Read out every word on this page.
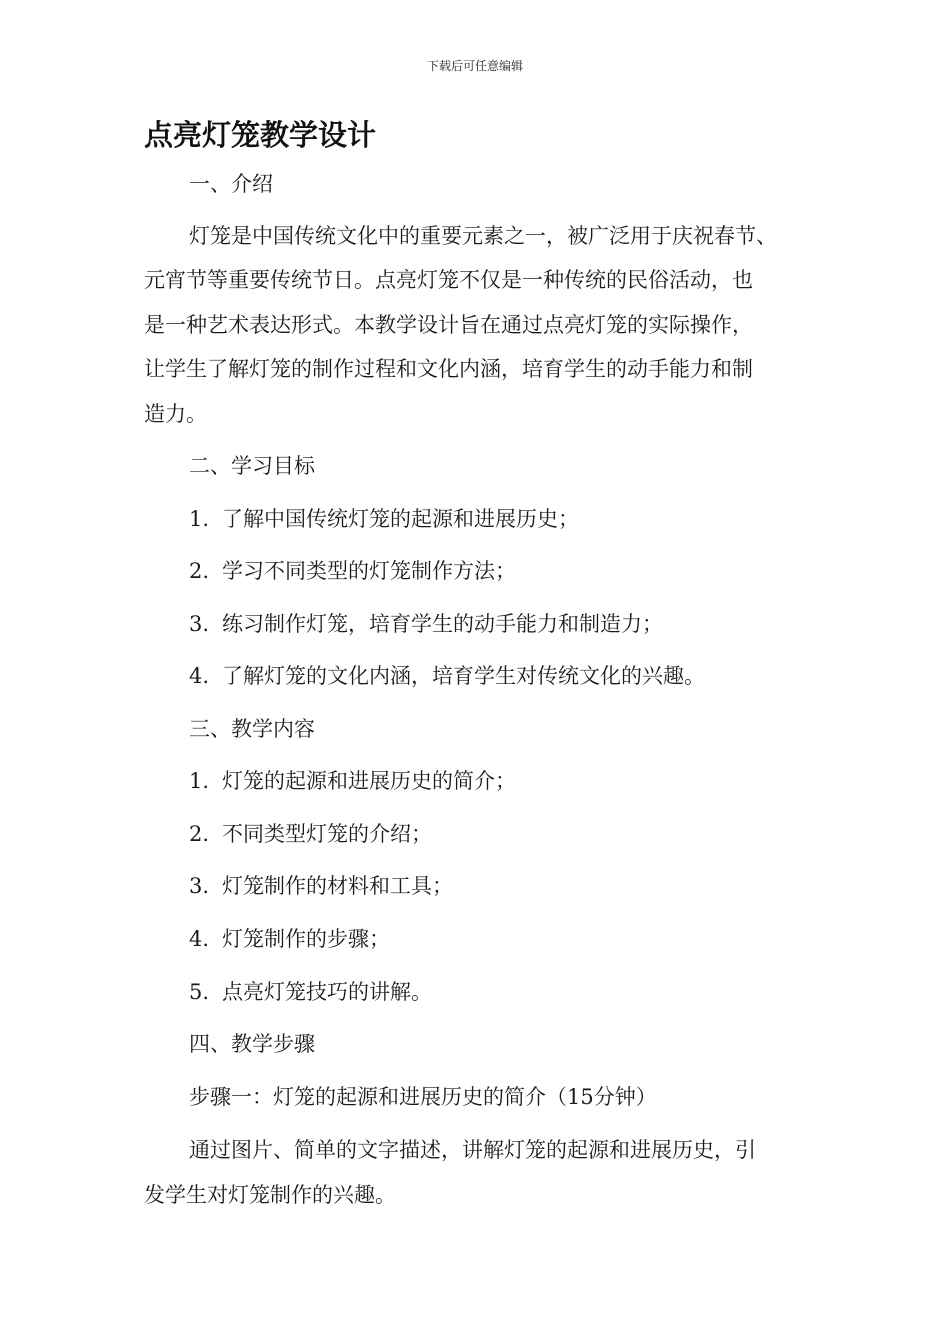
下载后可任意编辑
点亮灯笼教学设计
一、介绍
灯笼是中国传统文化中的重要元素之一，被广泛用于庆祝春节、
元宵节等重要传统节日。点亮灯笼不仅是一种传统的民俗活动，也
是一种艺术表达形式。本教学设计旨在通过点亮灯笼的实际操作，
让学生了解灯笼的制作过程和文化内涵，培育学生的动手能力和制
造力。
二、学习目标
1. 了解中国传统灯笼的起源和进展历史；
2. 学习不同类型的灯笼制作方法；
3. 练习制作灯笼，培育学生的动手能力和制造力；
4. 了解灯笼的文化内涵，培育学生对传统文化的兴趣。
三、教学内容
1. 灯笼的起源和进展历史的简介；
2. 不同类型灯笼的介绍；
3. 灯笼制作的材料和工具；
4. 灯笼制作的步骤；
5. 点亮灯笼技巧的讲解。
四、教学步骤
步骤一：灯笼的起源和进展历史的简介（15分钟）
通过图片、简单的文字描述，讲解灯笼的起源和进展历史，引
发学生对灯笼制作的兴趣。
